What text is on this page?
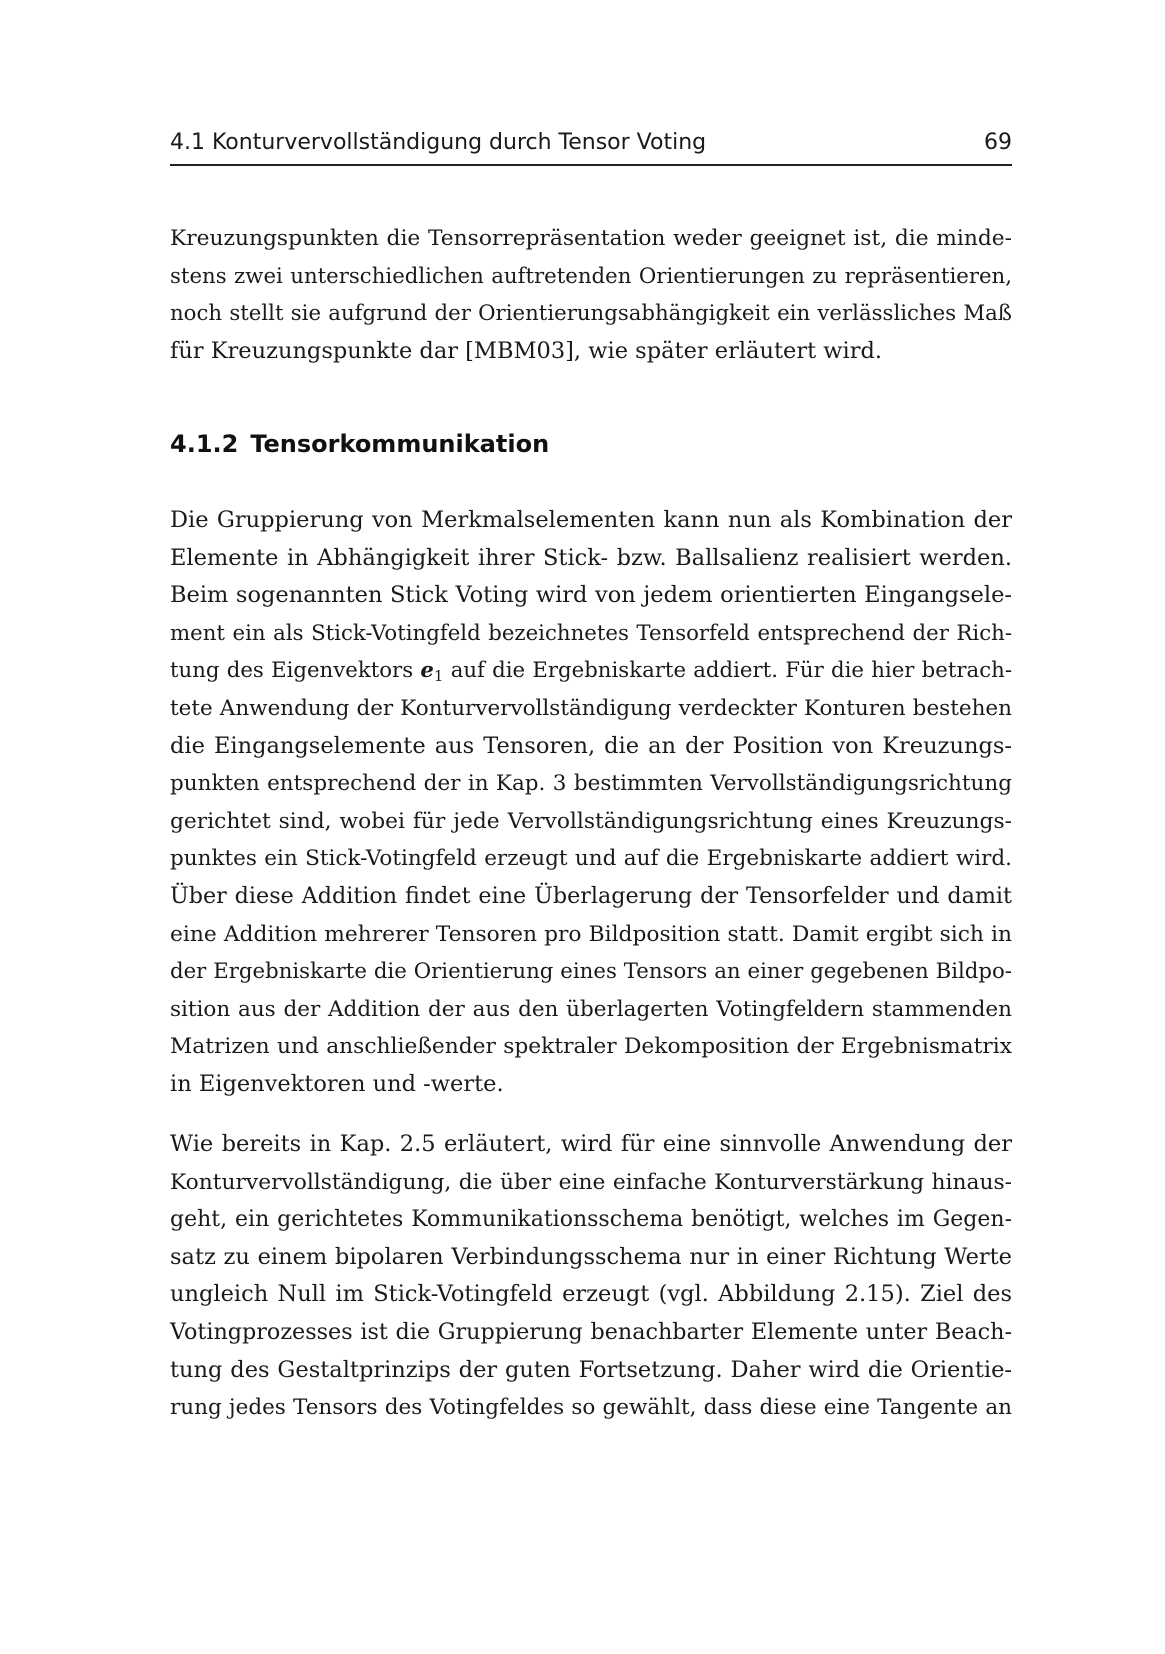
4.1 Konturvervollständigung durch Tensor Voting	69
Kreuzungspunkten die Tensorrepräsentation weder geeignet ist, die minde-
stens zwei unterschiedlichen auftretenden Orientierungen zu repräsentieren,
noch stellt sie aufgrund der Orientierungsabhängigkeit ein verlässliches Maß
für Kreuzungspunkte dar [MBM03], wie später erläutert wird.
4.1.2 Tensorkommunikation
Die Gruppierung von Merkmalselementen kann nun als Kombination der
Elemente in Abhängigkeit ihrer Stick- bzw. Ballsalienz realisiert werden.
Beim sogenannten Stick Voting wird von jedem orientierten Eingangsele-
ment ein als Stick-Votingfeld bezeichnetes Tensorfeld entsprechend der Rich-
tung des Eigenvektors e1 auf die Ergebniskarte addiert. Für die hier betrach-
tete Anwendung der Konturvervollständigung verdeckter Konturen bestehen
die Eingangselemente aus Tensoren, die an der Position von Kreuzungs-
punkten entsprechend der in Kap. 3 bestimmten Vervollständigungsrichtung
gerichtet sind, wobei für jede Vervollständigungsrichtung eines Kreuzungs-
punktes ein Stick-Votingfeld erzeugt und auf die Ergebniskarte addiert wird.
Über diese Addition findet eine Überlagerung der Tensorfelder und damit
eine Addition mehrerer Tensoren pro Bildposition statt. Damit ergibt sich in
der Ergebniskarte die Orientierung eines Tensors an einer gegebenen Bildpo-
sition aus der Addition der aus den überlagerten Votingfeldern stammenden
Matrizen und anschließender spektraler Dekomposition der Ergebnismatrix
in Eigenvektoren und -werte.
Wie bereits in Kap. 2.5 erläutert, wird für eine sinnvolle Anwendung der
Konturvervollständigung, die über eine einfache Konturverstärkung hinaus-
geht, ein gerichtetes Kommunikationsschema benötigt, welches im Gegen-
satz zu einem bipolaren Verbindungsschema nur in einer Richtung Werte
ungleich Null im Stick-Votingfeld erzeugt (vgl. Abbildung 2.15). Ziel des
Votingprozesses ist die Gruppierung benachbarter Elemente unter Beach-
tung des Gestaltprinzips der guten Fortsetzung. Daher wird die Orientie-
rung jedes Tensors des Votingfeldes so gewählt, dass diese eine Tangente an
